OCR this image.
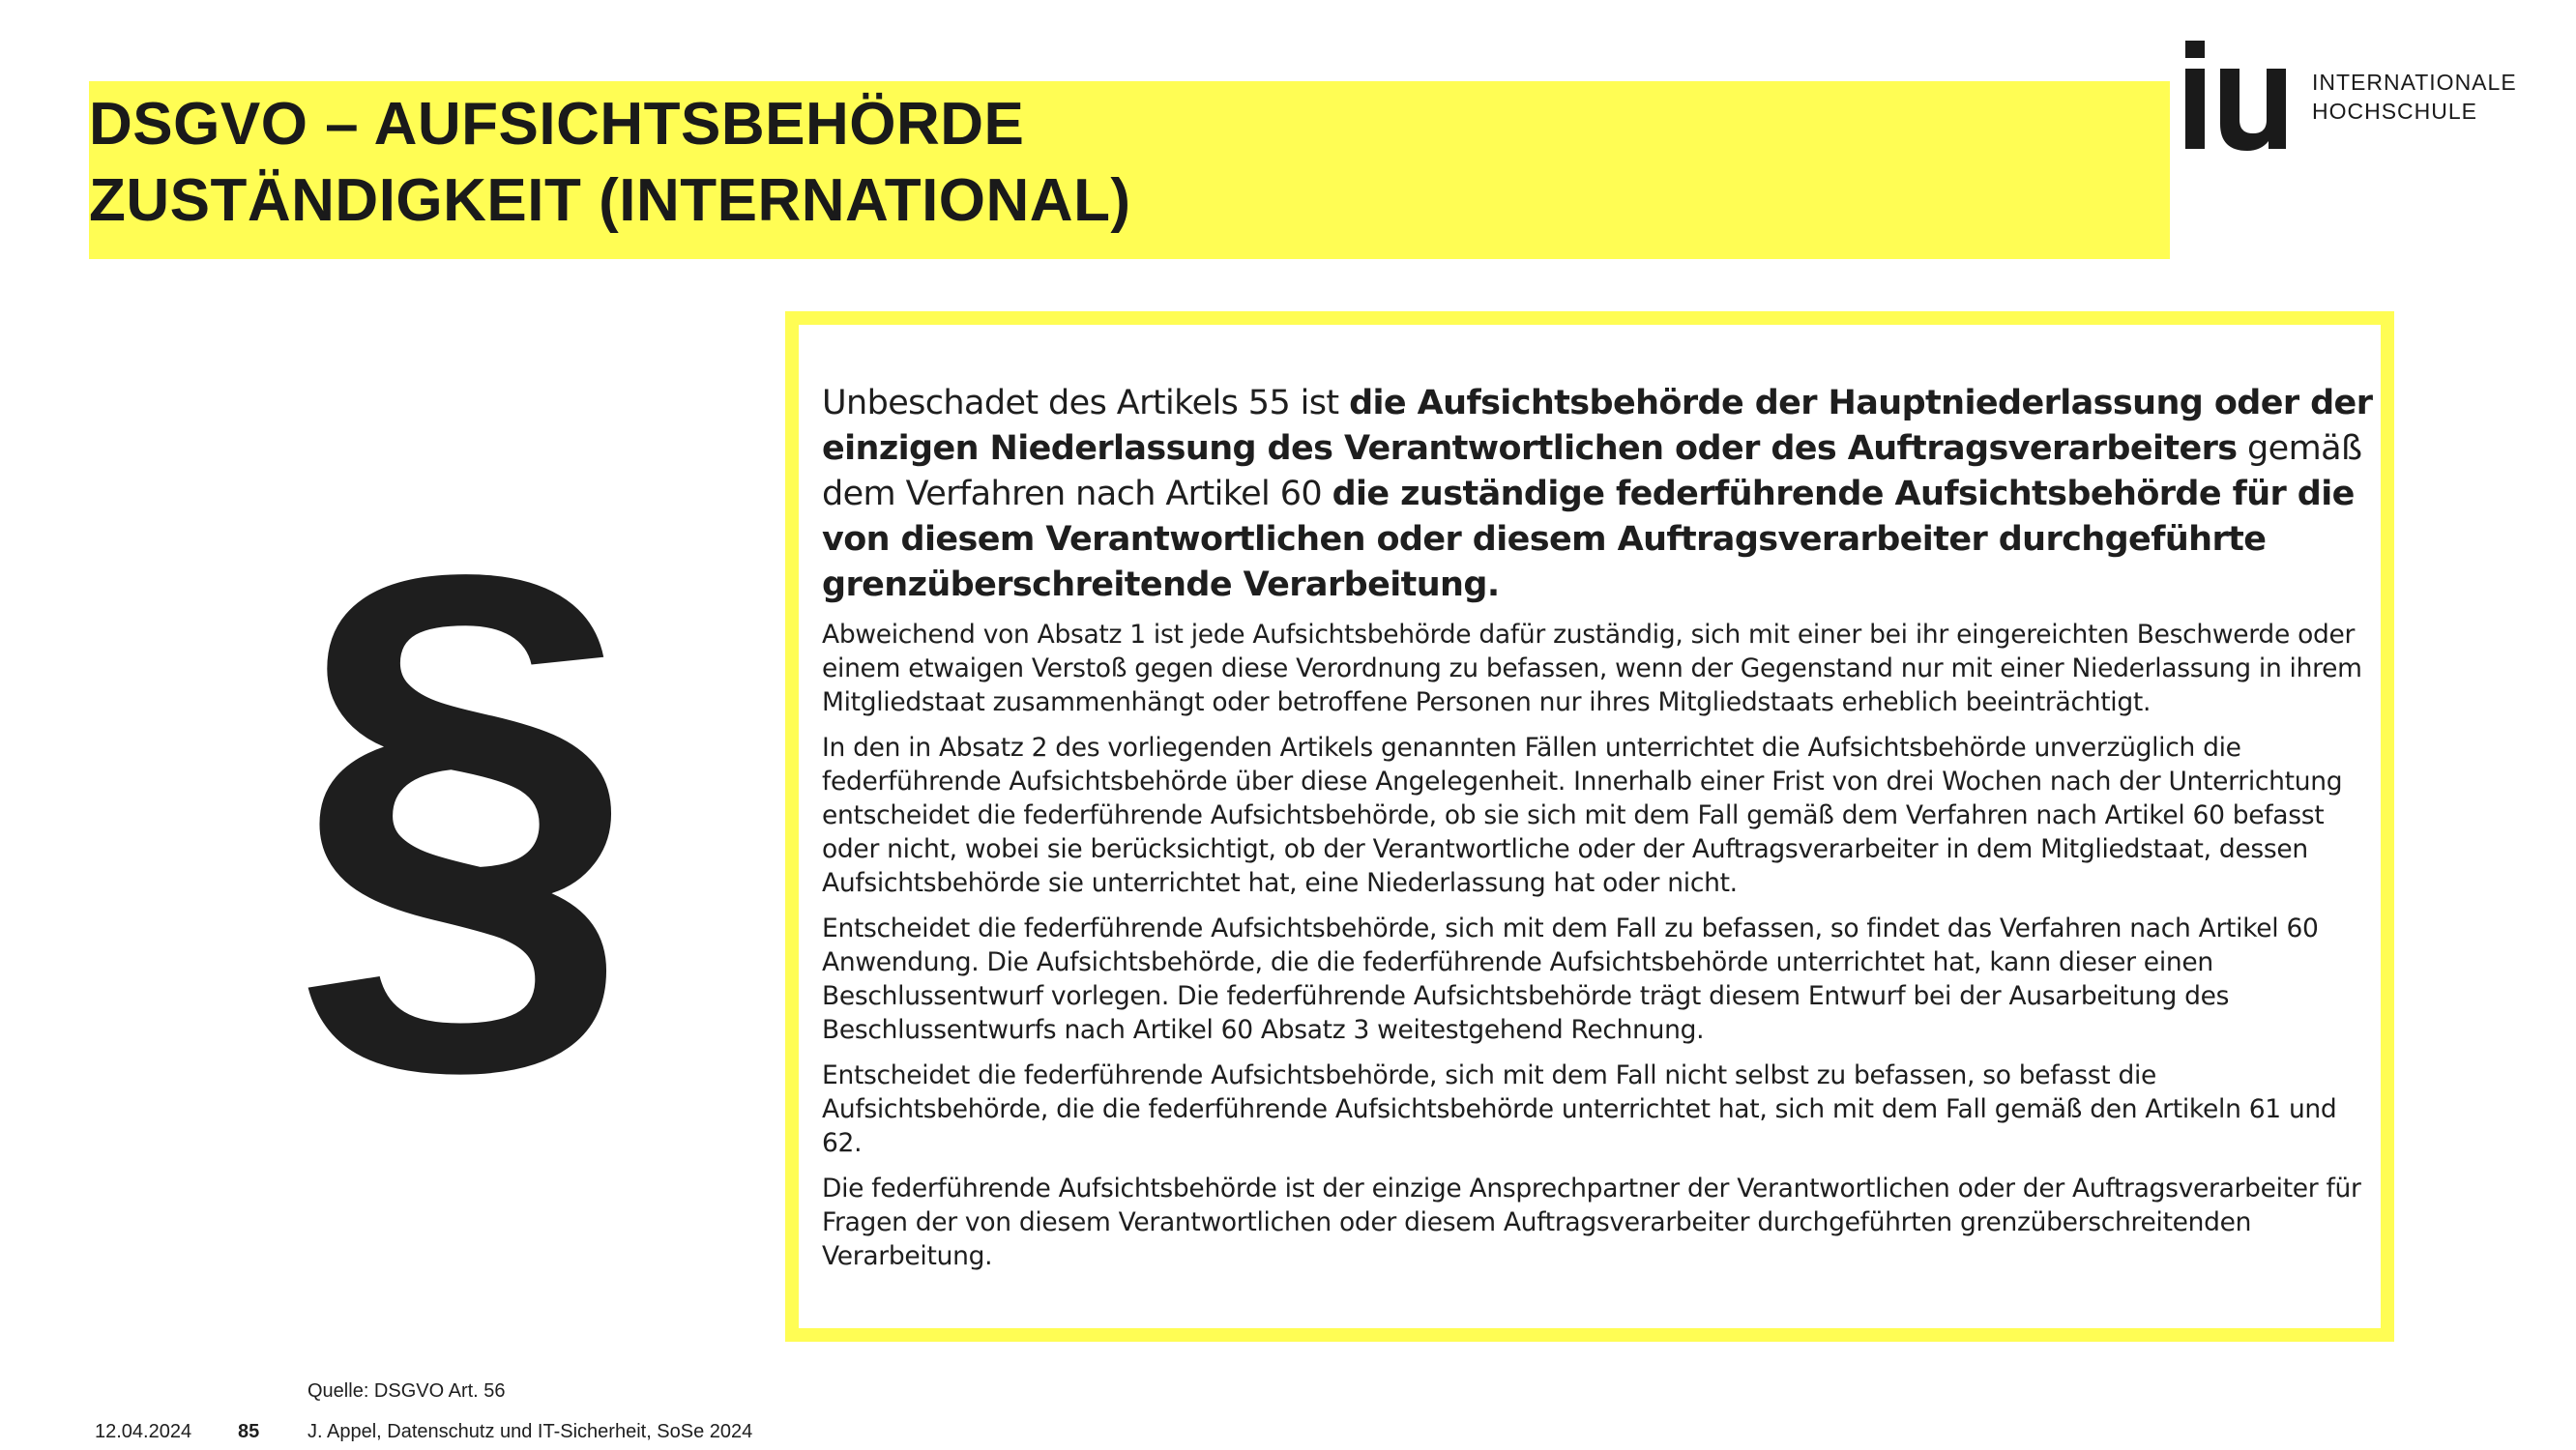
DSGVO – AUFSICHTSBEHÖRDE
ZUSTÄNDIGKEIT (INTERNATIONAL)
INTERNATIONALE
HOCHSCHULE
§

Unbeschadet des Artikels 55 ist die Aufsichtsbehörde der Hauptniederlassung oder der einzigen Niederlassung des Verantwortlichen oder des Auftragsverarbeiters gemäß dem Verfahren nach Artikel 60 die zuständige federführende Aufsichtsbehörde für die von diesem Verantwortlichen oder diesem Auftragsverarbeiter durchgeführte grenzüberschreitende Verarbeitung.

Abweichend von Absatz 1 ist jede Aufsichtsbehörde dafür zuständig, sich mit einer bei ihr eingereichten Beschwerde oder einem etwaigen Verstoß gegen diese Verordnung zu befassen, wenn der Gegenstand nur mit einer Niederlassung in ihrem Mitgliedstaat zusammenhängt oder betroffene Personen nur ihres Mitgliedstaats erheblich beeinträchtigt.

In den in Absatz 2 des vorliegenden Artikels genannten Fällen unterrichtet die Aufsichtsbehörde unverzüglich die federführende Aufsichtsbehörde über diese Angelegenheit. Innerhalb einer Frist von drei Wochen nach der Unterrichtung entscheidet die federführende Aufsichtsbehörde, ob sie sich mit dem Fall gemäß dem Verfahren nach Artikel 60 befasst oder nicht, wobei sie berücksichtigt, ob der Verantwortliche oder der Auftragsverarbeiter in dem Mitgliedstaat, dessen Aufsichtsbehörde sie unterrichtet hat, eine Niederlassung hat oder nicht.

Entscheidet die federführende Aufsichtsbehörde, sich mit dem Fall zu befassen, so findet das Verfahren nach Artikel 60 Anwendung. Die Aufsichtsbehörde, die die federführende Aufsichtsbehörde unterrichtet hat, kann dieser einen Beschlussentwurf vorlegen. Die federführende Aufsichtsbehörde trägt diesem Entwurf bei der Ausarbeitung des Beschlussentwurfs nach Artikel 60 Absatz 3 weitestgehend Rechnung.

Entscheidet die federführende Aufsichtsbehörde, sich mit dem Fall nicht selbst zu befassen, so befasst die Aufsichtsbehörde, die die federführende Aufsichtsbehörde unterrichtet hat, sich mit dem Fall gemäß den Artikeln 61 und 62.

Die federführende Aufsichtsbehörde ist der einzige Ansprechpartner der Verantwortlichen oder der Auftragsverarbeiter für Fragen der von diesem Verantwortlichen oder diesem Auftragsverarbeiter durchgeführten grenzüberschreitenden Verarbeitung.

Quelle: DSGVO Art. 56
12.04.2024 85 J. Appel, Datenschutz und IT-Sicherheit, SoSe 2024
